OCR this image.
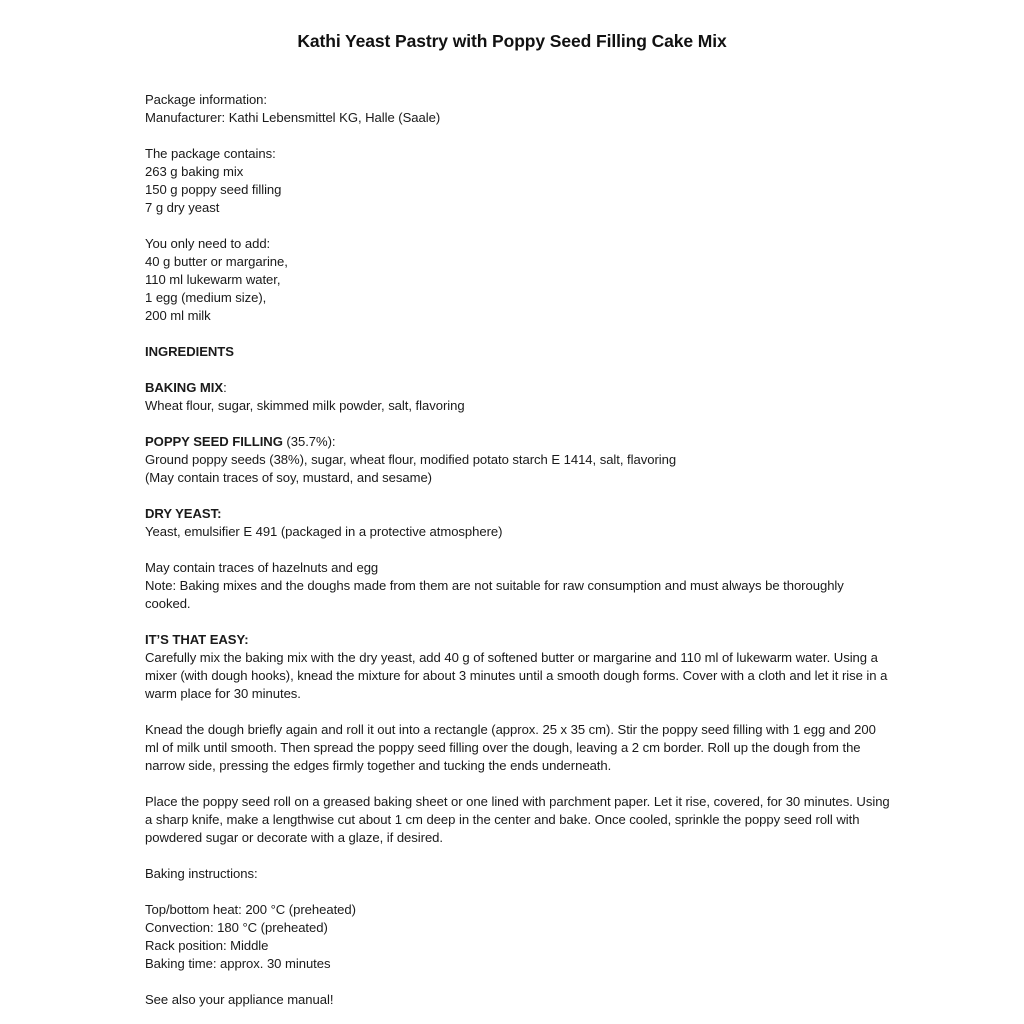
Kathi Yeast Pastry with Poppy Seed Filling Cake Mix
Package information:
Manufacturer: Kathi Lebensmittel KG, Halle (Saale)
The package contains:
263 g baking mix
150 g poppy seed filling
7 g dry yeast
You only need to add:
40 g butter or margarine,
110 ml lukewarm water,
1 egg (medium size),
200 ml milk
INGREDIENTS
BAKING MIX:
Wheat flour, sugar, skimmed milk powder, salt, flavoring
POPPY SEED FILLING (35.7%):
Ground poppy seeds (38%), sugar, wheat flour, modified potato starch E 1414, salt, flavoring
(May contain traces of soy, mustard, and sesame)
DRY YEAST:
Yeast, emulsifier E 491 (packaged in a protective atmosphere)
May contain traces of hazelnuts and egg
Note: Baking mixes and the doughs made from them are not suitable for raw consumption and must always be thoroughly cooked.
IT’S THAT EASY:
Carefully mix the baking mix with the dry yeast, add 40 g of softened butter or margarine and 110 ml of lukewarm water. Using a mixer (with dough hooks), knead the mixture for about 3 minutes until a smooth dough forms. Cover with a cloth and let it rise in a warm place for 30 minutes.
Knead the dough briefly again and roll it out into a rectangle (approx. 25 x 35 cm). Stir the poppy seed filling with 1 egg and 200 ml of milk until smooth. Then spread the poppy seed filling over the dough, leaving a 2 cm border. Roll up the dough from the narrow side, pressing the edges firmly together and tucking the ends underneath.
Place the poppy seed roll on a greased baking sheet or one lined with parchment paper. Let it rise, covered, for 30 minutes. Using a sharp knife, make a lengthwise cut about 1 cm deep in the center and bake. Once cooled, sprinkle the poppy seed roll with powdered sugar or decorate with a glaze, if desired.
Baking instructions:
Top/bottom heat: 200 °C (preheated)
Convection: 180 °C (preheated)
Rack position: Middle
Baking time: approx. 30 minutes
See also your appliance manual!
